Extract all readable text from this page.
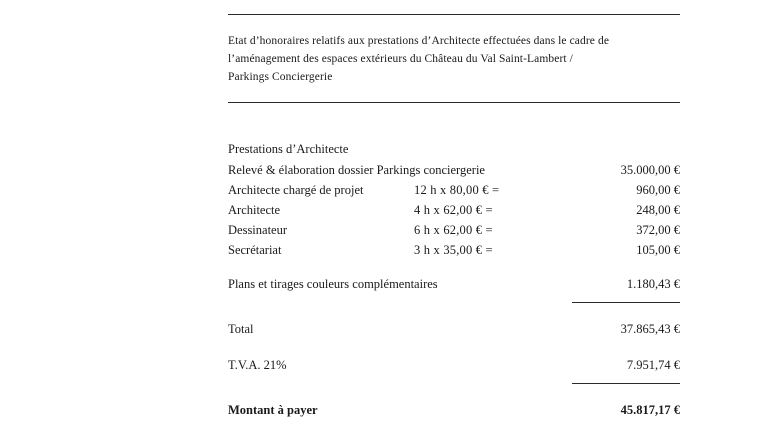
Etat d’honoraires relatifs aux prestations d’Architecte effectuées dans le cadre de
l’aménagement des espaces extérieurs du Château du Val Saint-Lambert /
Parkings Conciergerie
Prestations d’Architecte
Relevé & élaboration dossier Parkings conciergerie	35.000,00 €
Architecte chargé de projet	12 h x 80,00 € =	960,00 €
Architecte	4 h x 62,00 € =	248,00 €
Dessinateur	6 h x 62,00 € =	372,00 €
Secrétariat	3 h x 35,00 € =	105,00 €
Plans et tirages couleurs complémentaires	1.180,43 €
Total	37.865,43 €
T.V.A. 21%	7.951,74 €
Montant à payer	45.817,17 €
